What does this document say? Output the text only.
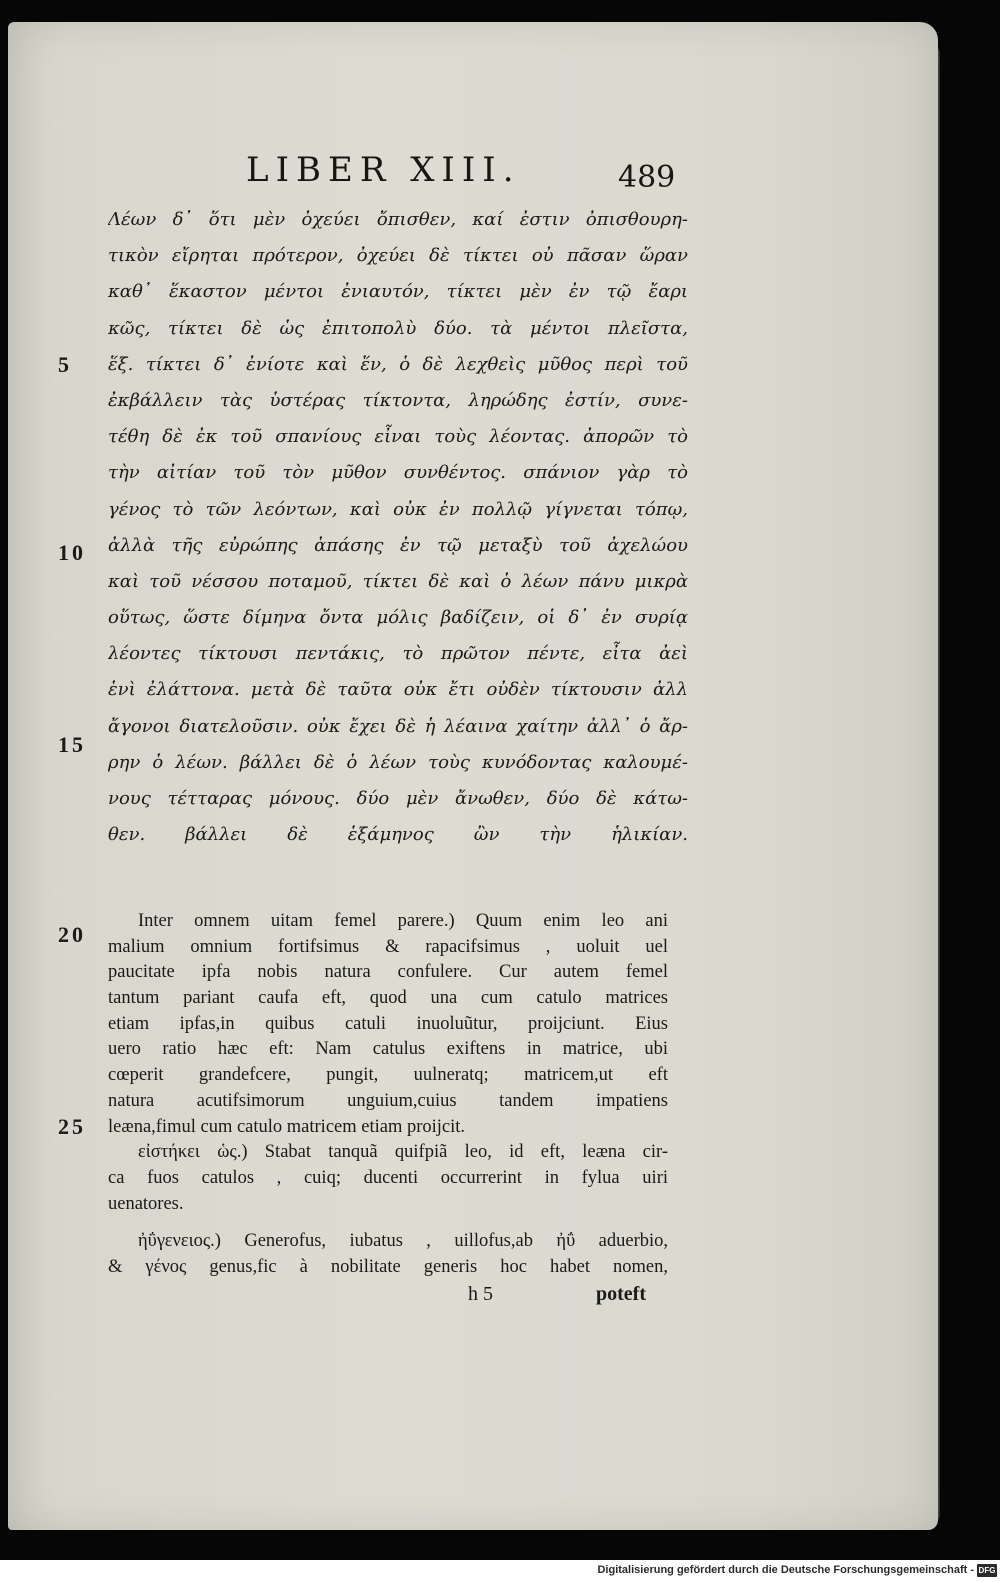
LIBER XIII.	489
Λέων δ᾿ ὅτι μὲν ὀχεύει ὄπισθεν, καί ἐστιν ὀπισθουρη-
τικὸν εἴρηται πρότερον, ὀχεύει δὲ τίκτει οὐ πᾶσαν ὥραν
καθ᾿ ἕκαστον μέντοι ἐνιαυτόν, τίκτει μὲν ἐν τῷ ἔαρι
κῶς, τίκτει δὲ ὡς ἐπιτοπολὺ δύο. τὰ μέντοι πλεῖστα,
ἕξ. τίκτει δ᾿ ἐνίοτε καὶ ἕν, ὁ δὲ λεχθεὶς μῦθος περὶ τοῦ
ἐκβάλλειν τὰς ὑστέρας τίκτοντα, ληρώδης ἐστίν, συνε-
τέθη δὲ ἐκ τοῦ σπανίους εἶναι τοὺς λέοντας. ἀπορῶν τὸ
τὴν αἰτίαν τοῦ τὸν μῦθον συνθέντος. σπάνιον γὰρ τὸ
γένος τὸ τῶν λεόντων, καὶ οὐκ ἐν πολλῷ γίγνεται τόπῳ,
ἀλλὰ τῆς εὐρώπης ἁπάσης ἐν τῷ μεταξὺ τοῦ ἀχελώου
καὶ τοῦ νέσσου ποταμοῦ, τίκτει δὲ καὶ ὁ λέων πάνυ μικρὰ
οὕτως, ὥστε δίμηνα ὄντα μόλις βαδίζειν, οἱ δ᾿ ἐν συρίᾳ
λέοντες τίκτουσι πεντάκις, τὸ πρῶτον πέντε, εἶτα ἀεὶ
ἑνὶ ἐλάττονα. μετὰ δὲ ταῦτα οὐκ ἔτι οὐδὲν τίκτουσιν ἀλλ
ἄγονοι διατελοῦσιν. οὐκ ἔχει δὲ ἡ λέαινα χαίτην ἀλλ᾿ ὁ ἄρ-
ρην ὁ λέων. βάλλει δὲ ὁ λέων τοὺς κυνόδοντας καλουμέ-
νους τέτταρας μόνους. δύο μὲν ἄνωθεν, δύο δὲ κάτω-
θεν. βάλλει δὲ ἑξάμηνος ὢν τὴν ἡλικίαν.
Inter omnem uitam femel parere.) Quum enim leo ani
malium omnium fortifsimus & rapacifsimus , uoluit uel
paucitate ipfa nobis natura confulere. Cur autem femel
tantum pariant caufa eft, quod una cum catulo matrices
etiam ipfas,in quibus catuli inuoluũtur, proijciunt. Eius
uero ratio hæc eft: Nam catulus exiftens in matrice, ubi
cœperit grandefcere, pungit, uulneratq; matricem,ut eft
natura acutifsimorum unguium,cuius tandem impatiens
leæna,fimul cum catulo matricem etiam proijcit.
εἰστήκει ὡς.) Stabat tanquã quifpiã leo, id eft, leæna cir-
ca fuos catulos , cuiq; ducenti occurrerint in fylua uiri
uenatores.
ἠΰγενειος.) Generofus, iubatus , uillofus,ab ἠΰ aduerbio,
& γένος genus,fic à nobilitate generis hoc habet nomen,
5
10
15
20
25
h 5	poteft
Digitalisierung gefördert durch die Deutsche Forschungsgemeinschaft - DFG
